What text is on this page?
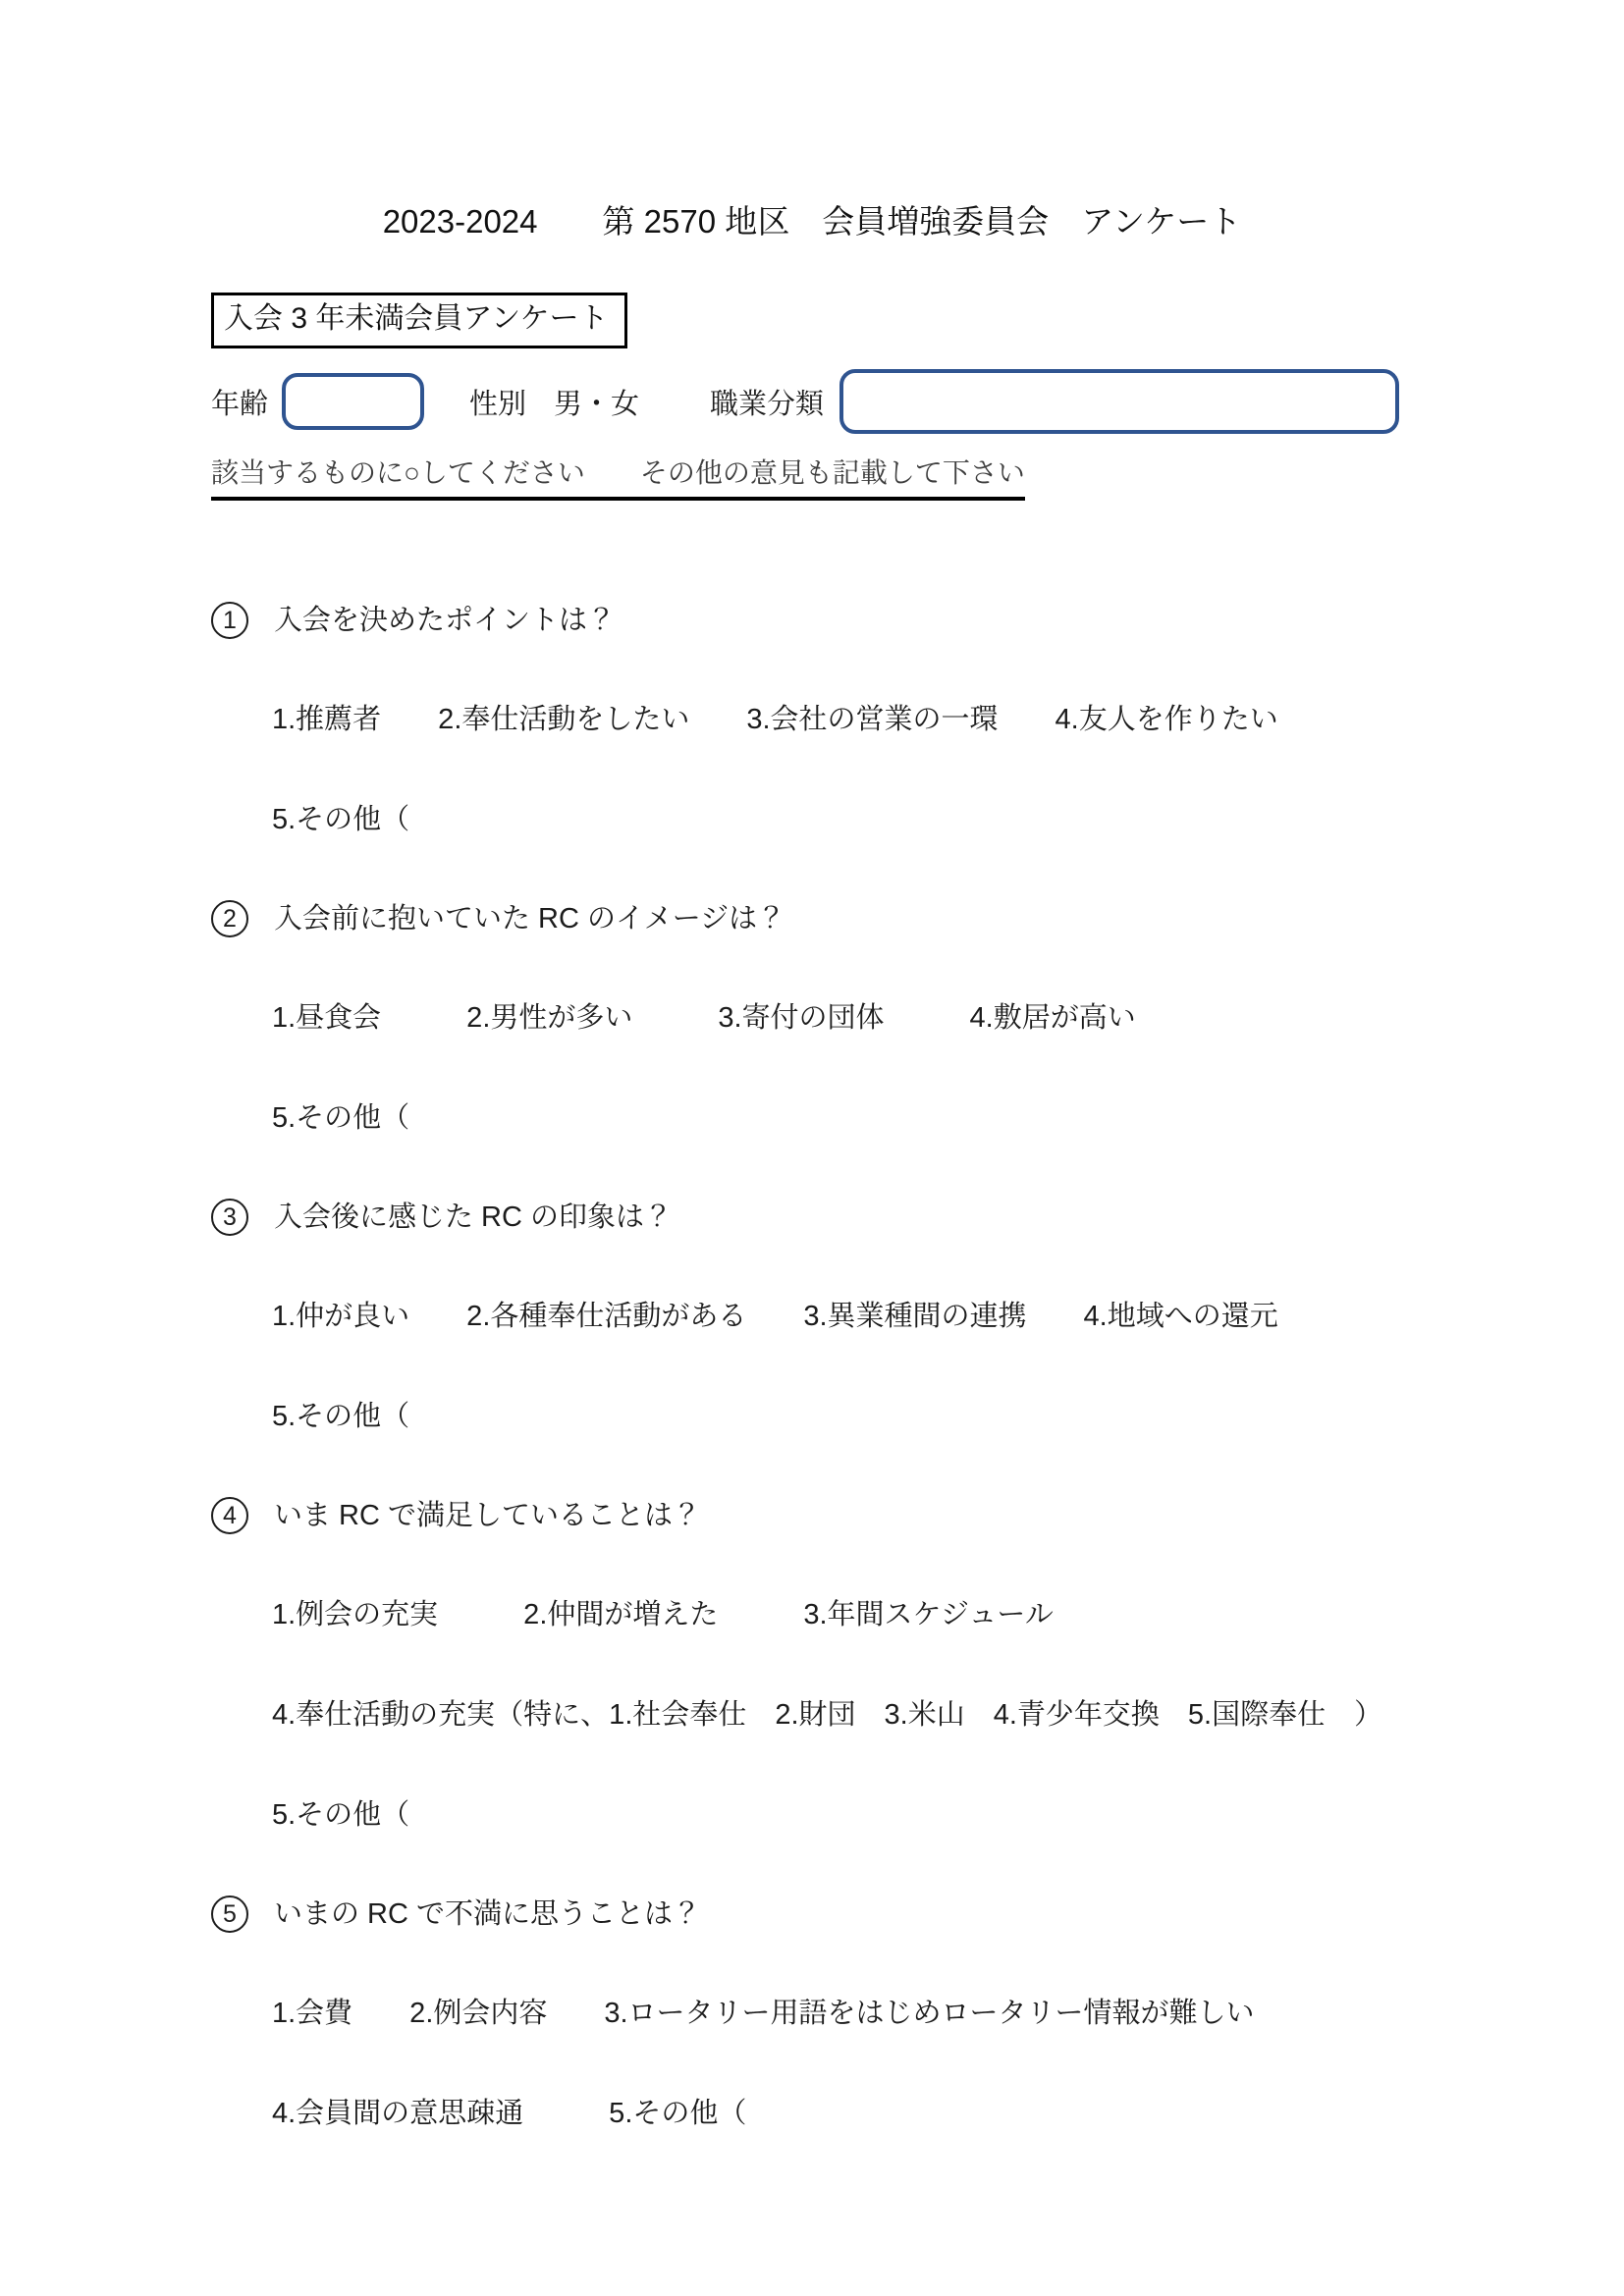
2023-2024　　第 2570 地区　会員増強委員会　アンケート
入会 3 年未満会員アンケート
年齢	性別 男・女 職業分類
該当するものに○してください　　その他の意見も記載して下さい
1	入会を決めたポイントは？
1.推薦者　　2.奉仕活動をしたい　　3.会社の営業の一環　　4.友人を作りたい
5.その他（
2	入会前に抱いていた RC のイメージは？
1.昼食会　　　2.男性が多い　　　3.寄付の団体　　　4.敷居が高い
5.その他（
3	入会後に感じた RC の印象は？
1.仲が良い　　2.各種奉仕活動がある　　3.異業種間の連携　　4.地域への還元
5.その他（
4	いま RC で満足していることは？
1.例会の充実　　　2.仲間が増えた　　　3.年間スケジュール
4.奉仕活動の充実（特に、1.社会奉仕　2.財団　3.米山　4.青少年交換　5.国際奉仕　）
5.その他（
5	いまの RC で不満に思うことは？
1.会費　　2.例会内容　　3.ロータリー用語をはじめロータリー情報が難しい
4.会員間の意思疎通　　　5.その他（
